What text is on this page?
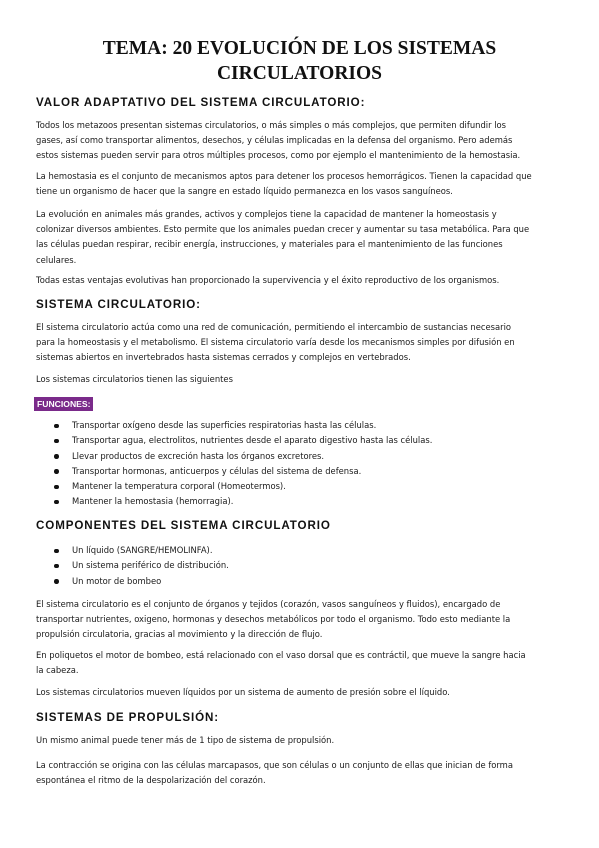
TEMA: 20 EVOLUCIÓN DE LOS SISTEMAS
CIRCULATORIOS
VALOR ADAPTATIVO DEL SISTEMA CIRCULATORIO:
Todos los metazoos presentan sistemas circulatorios, o más simples o más complejos, que permiten difundir los
gases, así como transportar alimentos, desechos, y células implicadas en la defensa del organismo. Pero además
estos sistemas pueden servir para otros múltiples procesos, como por ejemplo el mantenimiento de la hemostasia.
La hemostasia es el conjunto de mecanismos aptos para detener los procesos hemorrágicos. Tienen la capacidad que
tiene un organismo de hacer que la sangre en estado líquido permanezca en los vasos sanguíneos.
La evolución en animales más grandes, activos y complejos tiene la capacidad de mantener la homeostasis y
colonizar diversos ambientes. Esto permite que los animales puedan crecer y aumentar su tasa metabólica. Para que
las células puedan respirar, recibir energía, instrucciones, y materiales para el mantenimiento de las funciones
celulares.
Todas estas ventajas evolutivas han proporcionado la supervivencia y el éxito reproductivo de los organismos.
SISTEMA CIRCULATORIO:
El sistema circulatorio actúa como una red de comunicación, permitiendo el intercambio de sustancias necesario
para la homeostasis y el metabolismo. El sistema circulatorio varía desde los mecanismos simples por difusión en
sistemas abiertos en invertebrados hasta sistemas cerrados y complejos en vertebrados.
Los sistemas circulatorios tienen las siguientes
FUNCIONES:
Transportar oxígeno desde las superficies respiratorias hasta las células.
Transportar agua, electrolitos, nutrientes desde el aparato digestivo hasta las células.
Llevar productos de excreción hasta los órganos excretores.
Transportar hormonas, anticuerpos y células del sistema de defensa.
Mantener la temperatura corporal (Homeotermos).
Mantener la hemostasia (hemorragia).
COMPONENTES DEL SISTEMA CIRCULATORIO
Un líquido (SANGRE/HEMOLINFA).
Un sistema periférico de distribución.
Un motor de bombeo
El sistema circulatorio es el conjunto de órganos y tejidos (corazón, vasos sanguíneos y fluidos), encargado de
transportar nutrientes, oxigeno, hormonas y desechos metabólicos por todo el organismo. Todo esto mediante la
propulsión circulatoria, gracias al movimiento y la dirección de flujo.
En poliquetos el motor de bombeo, está relacionado con el vaso dorsal que es contráctil, que mueve la sangre hacia
la cabeza.
Los sistemas circulatorios mueven líquidos por un sistema de aumento de presión sobre el líquido.
SISTEMAS DE PROPULSIÓN:
Un mismo animal puede tener más de 1 tipo de sistema de propulsión.
La contracción se origina con las células marcapasos, que son células o un conjunto de ellas que inician de forma
espontánea el ritmo de la despolarización del corazón.
